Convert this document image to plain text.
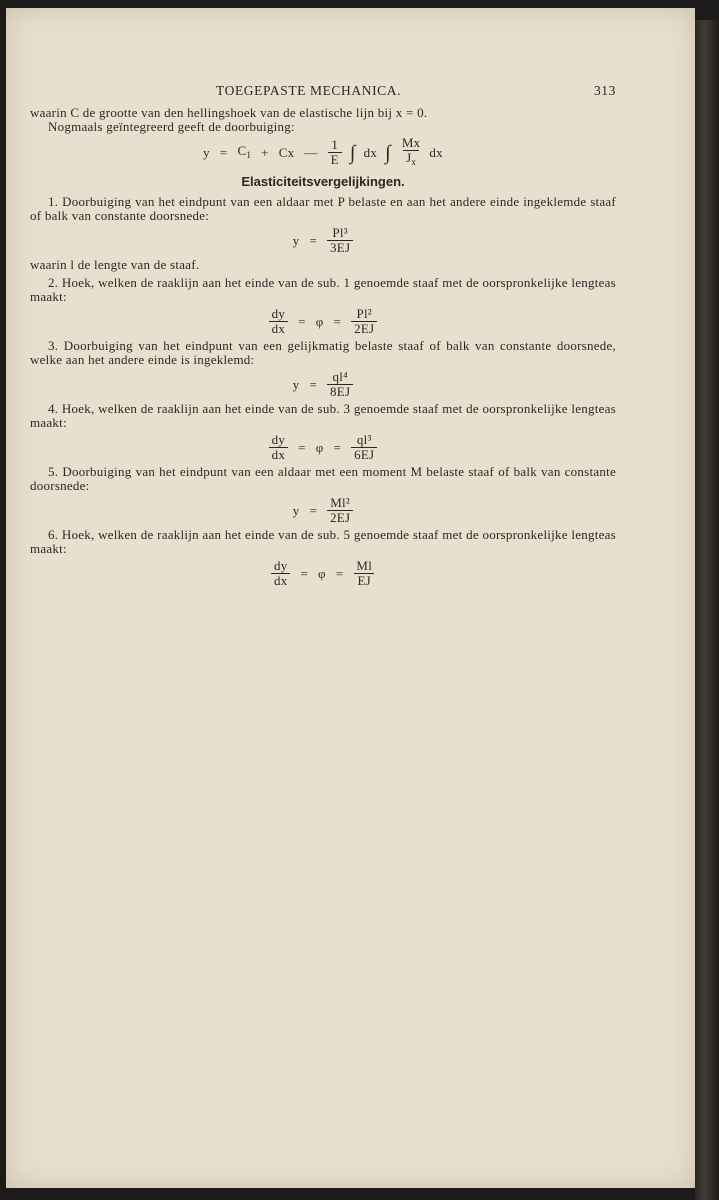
TOEGEPASTE MECHANICA.	313

waarin C de grootte van den hellingshoek van de elastische lijn bij x = 0.

Nogmaals geïntegreerd geeft de doorbuiging:

$y = C_1 + Cx$ — $\frac{1}{E}$ ∫ dx ∫ $\frac{Mx}{J_x}$ dx
Elasticiteitsvergelijkingen.

1. Doorbuiging van het eindpunt van een aldaar met P belaste en aan het andere einde ingeklemde staaf of balk van constante doorsnede:

$y = \frac{\text{Pl³}}{3EJ}$

waarin l de lengte van de staaf.

2. Hoek, welken de raaklijn aan het einde van de sub. 1 genoemde staaf met de oorspronkelijke lengteas maakt:

$\frac{dy}{dx} = \varphi = \frac{\text{Pl²}}{2EJ}$

3. Doorbuiging van het eindpunt van een gelijkmatig belaste staaf of balk van constante doorsnede, welke aan het andere einde is ingeklemd:

$y = \frac{\text{ql⁴}}{8EJ}$

4. Hoek, welken de raaklijn aan het einde van de sub. 3 genoemde staaf met de oorspronkelijke lengteas maakt:

$\frac{dy}{dx} = \varphi = \frac{\text{ql³}}{6EJ}$

5. Doorbuiging van het eindpunt van een aldaar met een moment M belaste staaf of balk van constante doorsnede:

$y = \frac{\text{Ml²}}{2EJ}$

6. Hoek, welken de raaklijn aan het einde van de sub. 5 genoemde staaf met de oorspronkelijke lengteas maakt:

$\frac{dy}{dx} = \varphi = \frac{Ml}{EJ}$
